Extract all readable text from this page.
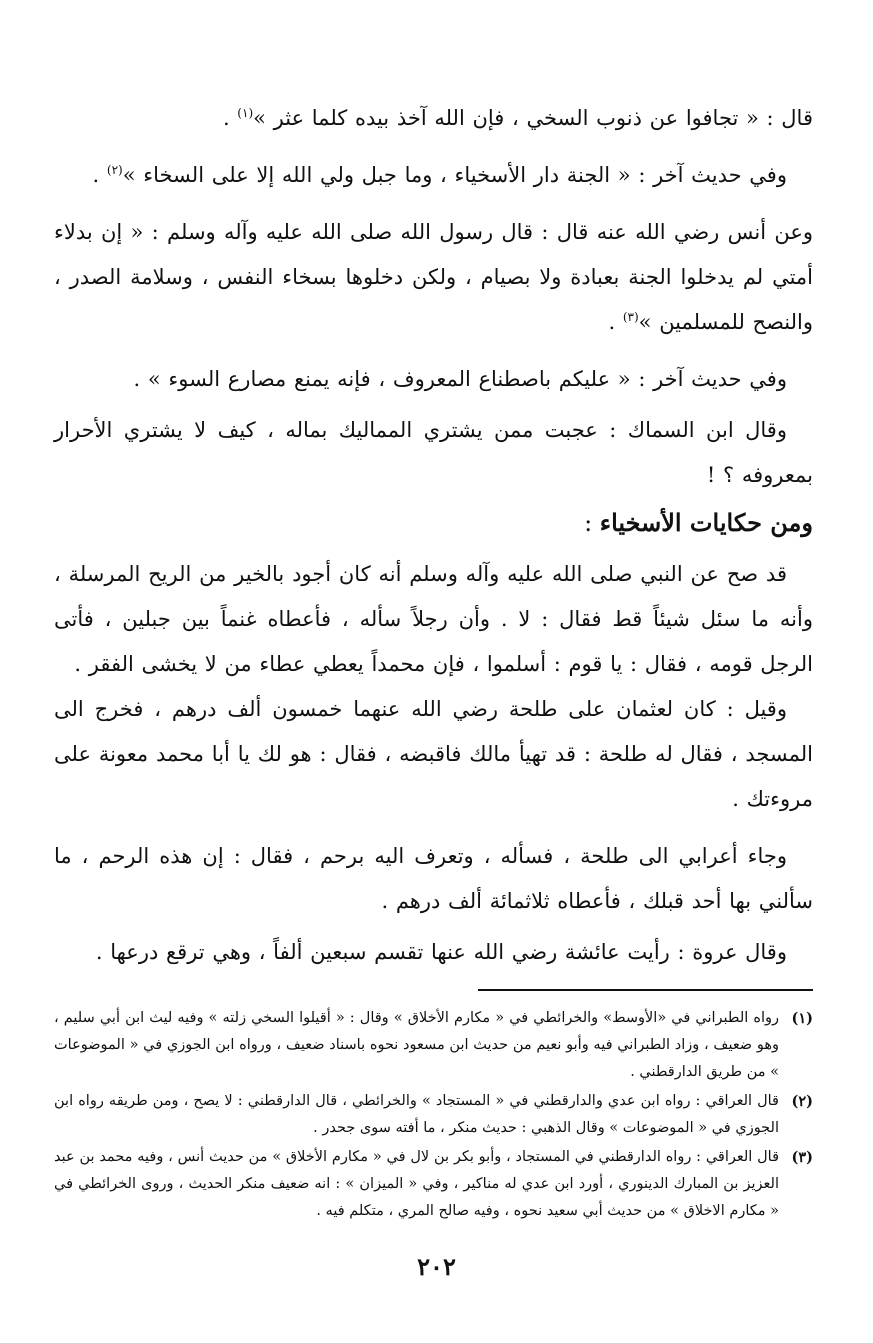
قال : « تجافوا عن ذنوب السخي ، فإن الله آخذ بيده كلما عثر »$^{(١)}$ .

وفي حديث آخر : « الجنة دار الأسخياء ، وما جبل ولي الله إلا على السخاء »$^{(٢)}$ .

وعن أنس رضي الله عنه قال : قال رسول الله صلى الله عليه وآله وسلم : « إن بدلاء أمتي لم يدخلوا الجنة بعبادة ولا بصيام ، ولكن دخلوها بسخاء النفس ، وسلامة الصدر ، والنصح للمسلمين »$^{(٣)}$ .

وفي حديث آخر : « عليكم باصطناع المعروف ، فإنه يمنع مصارع السوء » .

وقال ابن السماك : عجبت ممن يشتري المماليك بماله ، كيف لا يشتري الأحرار بمعروفه ؟ !

ومن حكايات الأسخياء :

قد صح عن النبي صلى الله عليه وآله وسلم أنه كان أجود بالخير من الريح المرسلة ، وأنه ما سئل شيئاً قط فقال : لا . وأن رجلاً سأله ، فأعطاه غنماً بين جبلين ، فأتى الرجل قومه ، فقال : يا قوم : أسلموا ، فإن محمداً يعطي عطاء من لا يخشى الفقر .

وقيل : كان لعثمان على طلحة رضي الله عنهما خمسون ألف درهم ، فخرج الى المسجد ، فقال له طلحة : قد تهيأ مالك فاقبضه ، فقال : هو لك يا أبا محمد معونة على مروءتك .

وجاء أعرابي الى طلحة ، فسأله ، وتعرف اليه برحم ، فقال : إن هذه الرحم ، ما سألني بها أحد قبلك ، فأعطاه ثلاثمائة ألف درهم .

وقال عروة : رأيت عائشة رضي الله عنها تقسم سبعين ألفاً ، وهي ترقع درعها .

(١)
رواه الطبراني في «الأوسط» والخرائطي في « مكارم الأخلاق » وقال : « أقيلوا السخي زلته » وفيه ليث ابن أبي سليم ، وهو ضعيف ، وزاد الطبراني فيه وأبو نعيم من حديث ابن مسعود نحوه باسناد ضعيف ، ورواه ابن الجوزي في « الموضوعات » من طريق الدارقطني .
(٢)
قال العراقي : رواه ابن عدي والدارقطني في « المستجاد » والخرائطي ، قال الدارقطني : لا يصح ، ومن طريقه رواه ابن الجوزي في « الموضوعات » وقال الذهبي : حديث منكر ، ما أفته سوى جحدر .
(٣)
قال العراقي : رواه الدارقطني في المستجاد ، وأبو بكر بن لال في « مكارم الأخلاق » من حديث أنس ، وفيه محمد بن عبد العزيز بن المبارك الدينوري ، أورد ابن عدي له مناكير ، وفي « الميزان » : انه ضعيف منكر الحديث ، وروى الخرائطي في « مكارم الاخلاق » من حديث أبي سعيد نحوه ، وفيه صالح المري ، متكلم فيه .
٢٠٢
